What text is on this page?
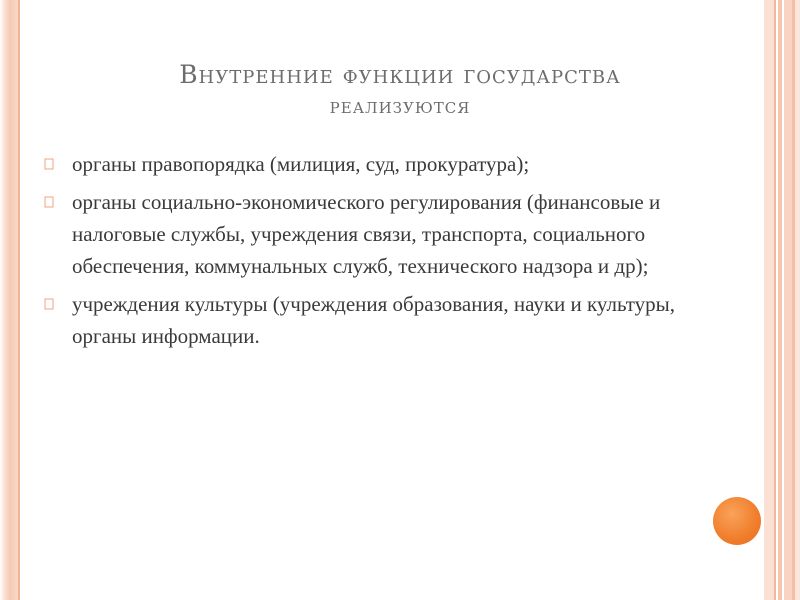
Внутренние функции государства
реализуются
органы правопорядка (милиция, суд, прокуратура);
органы социально-экономического регулирования (финансовые и налоговые службы, учреждения связи, транспорта, социального обеспечения, коммунальных служб, технического надзора и др);
учреждения культуры (учреждения образования, науки и культуры, органы информации.
